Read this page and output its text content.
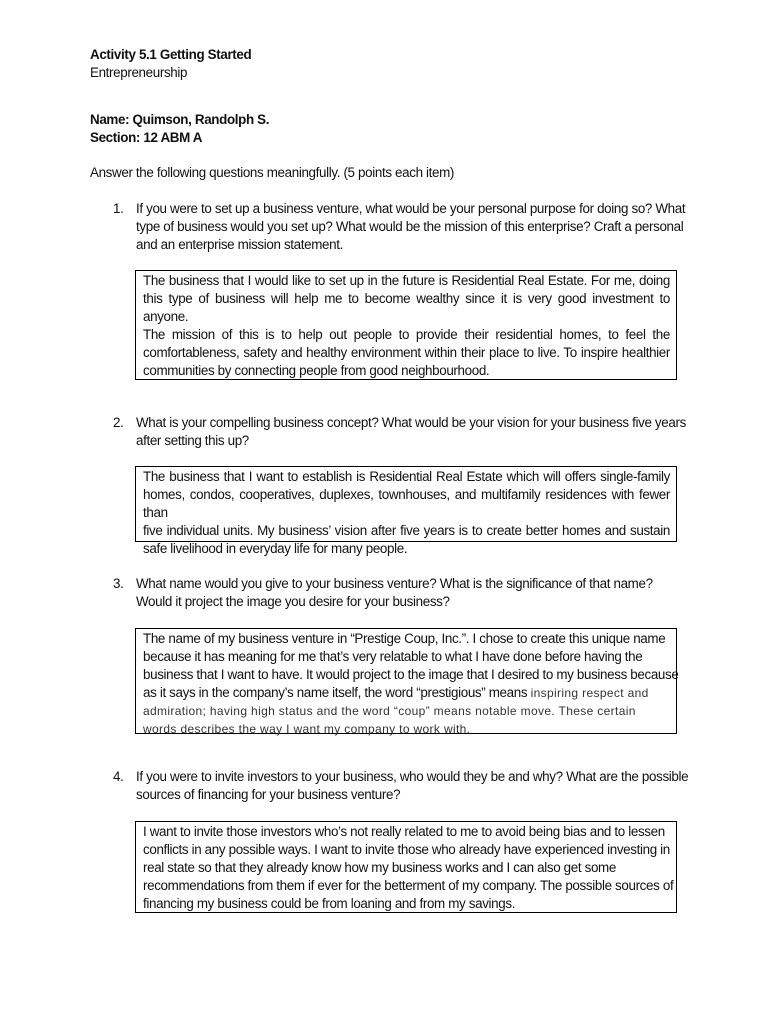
Activity 5.1 Getting Started
Entrepreneurship
Name: Quimson, Randolph S.
Section: 12 ABM A
Answer the following questions meaningfully. (5 points each item)
1. If you were to set up a business venture, what would be your personal purpose for doing so? What
type of business would you set up? What would be the mission of this enterprise? Craft a personal
and an enterprise mission statement.
The business that I would like to set up in the future is Residential Real Estate. For me, doing
this type of business will help me to become wealthy since it is very good investment to anyone.
The mission of this is to help out people to provide their residential homes, to feel the
comfortableness, safety and healthy environment within their place to live. To inspire healthier
communities by connecting people from good neighbourhood.
2. What is your compelling business concept? What would be your vision for your business five years
after setting this up?
The business that I want to establish is Residential Real Estate which will offers single-family
homes, condos, cooperatives, duplexes, townhouses, and multifamily residences with fewer than
five individual units. My business’ vision after five years is to create better homes and sustain
safe livelihood in everyday life for many people.
3. What name would you give to your business venture? What is the significance of that name?
Would it project the image you desire for your business?
The name of my business venture in “Prestige Coup, Inc.”. I chose to create this unique name
because it has meaning for me that’s very relatable to what I have done before having the
business that I want to have. It would project to the image that I desired to my business because
as it says in the company’s name itself, the word “prestigious” means inspiring respect and
admiration; having high status and the word “coup” means notable move. These certain
words describes the way I want my company to work with.
4. If you were to invite investors to your business, who would they be and why? What are the possible
sources of financing for your business venture?
I want to invite those investors who’s not really related to me to avoid being bias and to lessen
conflicts in any possible ways. I want to invite those who already have experienced investing in
real state so that they already know how my business works and I can also get some
recommendations from them if ever for the betterment of my company. The possible sources of
financing my business could be from loaning and from my savings.
